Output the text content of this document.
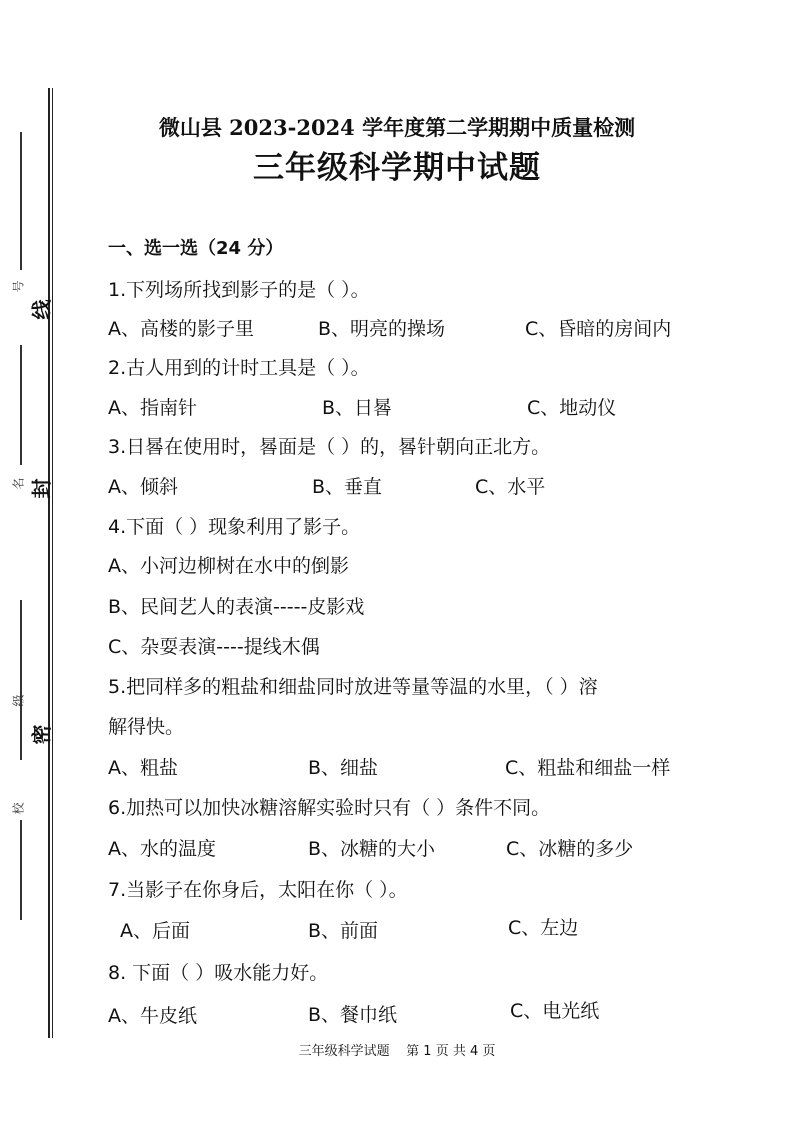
线
封
密
号
名
级
校
微山县 2023-2024 学年度第二学期期中质量检测
三年级科学期中试题
一、选一选（24 分）
1.下列场所找到影子的是（ ）。
A、高楼的影子里	B、明亮的操场	C、昏暗的房间内
2.古人用到的计时工具是（ ）。
A、指南针	B、日晷	C、地动仪
3.日晷在使用时，晷面是（ ）的，晷针朝向正北方。
A、倾斜	B、垂直	C、水平
4.下面（ ）现象利用了影子。
A、小河边柳树在水中的倒影
B、民间艺人的表演-----皮影戏
C、杂耍表演----提线木偶
5.把同样多的粗盐和细盐同时放进等量等温的水里，（ ）溶
解得快。
A、粗盐	B、细盐	C、粗盐和细盐一样
6.加热可以加快冰糖溶解实验时只有（ ）条件不同。
A、水的温度	B、冰糖的大小	C、冰糖的多少
7.当影子在你身后，太阳在你（ ）。
A、后面	B、前面	C、左边
8. 下面（ ）吸水能力好。
A、牛皮纸	B、餐巾纸	C、电光纸
三年级科学试题    第 1 页 共 4 页
